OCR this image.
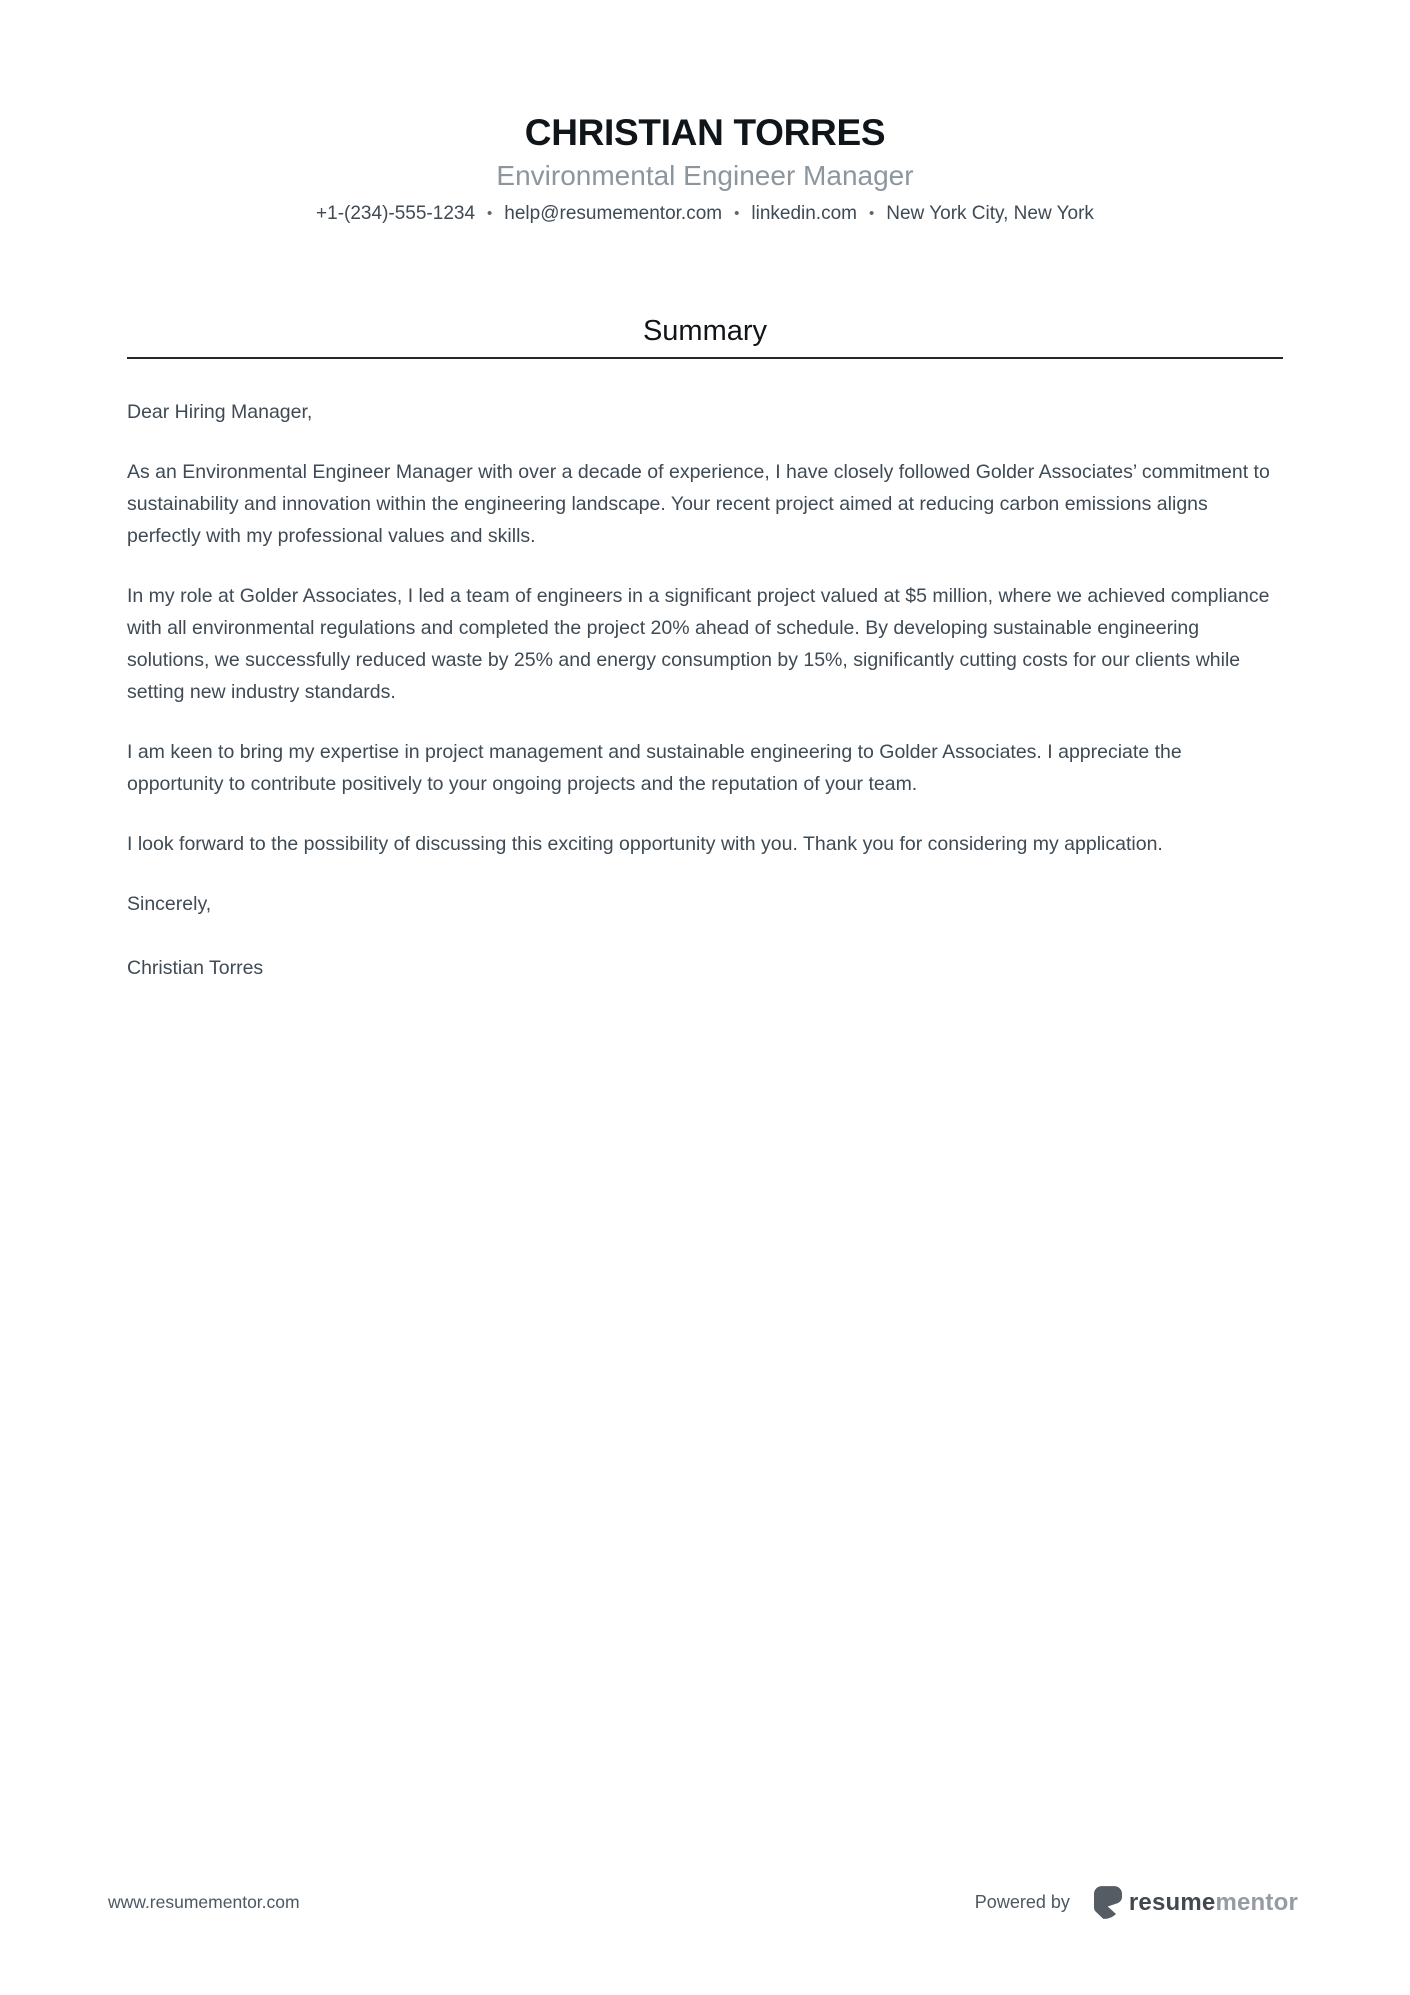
CHRISTIAN TORRES
Environmental Engineer Manager
+1-(234)-555-1234 • help@resumementor.com • linkedin.com • New York City, New York
Summary

Dear Hiring Manager,

As an Environmental Engineer Manager with over a decade of experience, I have closely followed Golder Associates’ commitment to sustainability and innovation within the engineering landscape. Your recent project aimed at reducing carbon emissions aligns perfectly with my professional values and skills.

In my role at Golder Associates, I led a team of engineers in a significant project valued at $5 million, where we achieved compliance with all environmental regulations and completed the project 20% ahead of schedule. By developing sustainable engineering solutions, we successfully reduced waste by 25% and energy consumption by 15%, significantly cutting costs for our clients while setting new industry standards.

I am keen to bring my expertise in project management and sustainable engineering to Golder Associates. I appreciate the opportunity to contribute positively to your ongoing projects and the reputation of your team.

I look forward to the possibility of discussing this exciting opportunity with you. Thank you for considering my application.

Sincerely,

Christian Torres

www.resumementor.com	Powered by resumementor
